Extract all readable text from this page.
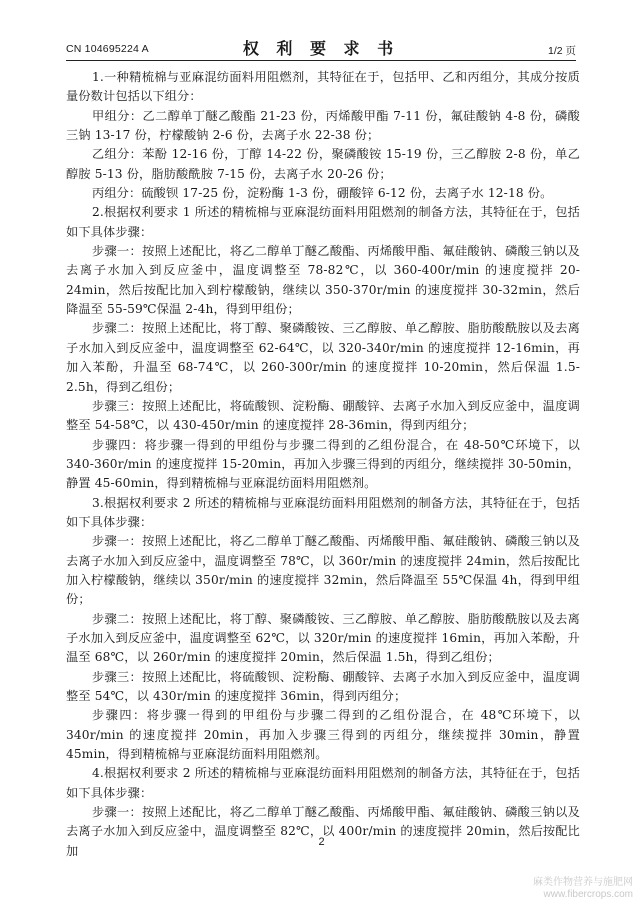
CN 104695224 A	权 利 要 求 书	1/2 页

1.一种精梳棉与亚麻混纺面料用阻燃剂，其特征在于，包括甲、乙和丙组分，其成分按质量份数计包括以下组分：

甲组分：乙二醇单丁醚乙酸酯 21-23 份，丙烯酸甲酯 7-11 份，氟硅酸钠 4-8 份，磷酸三钠 13-17 份，柠檬酸钠 2-6 份，去离子水 22-38 份；

乙组分：苯酚 12-16 份，丁醇 14-22 份，聚磷酸铵 15-19 份，三乙醇胺 2-8 份，单乙醇胺 5-13 份，脂肪酸酰胺 7-15 份，去离子水 20-26 份；

丙组分：硫酸钡 17-25 份，淀粉酶 1-3 份，硼酸锌 6-12 份，去离子水 12-18 份。

2.根据权利要求 1 所述的精梳棉与亚麻混纺面料用阻燃剂的制备方法，其特征在于，包括如下具体步骤：

步骤一：按照上述配比，将乙二醇单丁醚乙酸酯、丙烯酸甲酯、氟硅酸钠、磷酸三钠以及去离子水加入到反应釜中，温度调整至 78-82℃，以 360-400r/min 的速度搅拌 20-24min，然后按配比加入到柠檬酸钠，继续以 350-370r/min 的速度搅拌 30-32min，然后降温至 55-59℃保温 2-4h，得到甲组份；

步骤二：按照上述配比，将丁醇、聚磷酸铵、三乙醇胺、单乙醇胺、脂肪酸酰胺以及去离子水加入到反应釜中，温度调整至 62-64℃，以 320-340r/min 的速度搅拌 12-16min，再加入苯酚，升温至 68-74℃，以 260-300r/min 的速度搅拌 10-20min，然后保温 1.5-2.5h，得到乙组份；

步骤三：按照上述配比，将硫酸钡、淀粉酶、硼酸锌、去离子水加入到反应釜中，温度调整至 54-58℃，以 430-450r/min 的速度搅拌 28-36min，得到丙组分；

步骤四：将步骤一得到的甲组份与步骤二得到的乙组份混合，在 48-50℃环境下，以 340-360r/min 的速度搅拌 15-20min，再加入步骤三得到的丙组分，继续搅拌 30-50min，静置 45-60min，得到精梳棉与亚麻混纺面料用阻燃剂。

3.根据权利要求 2 所述的精梳棉与亚麻混纺面料用阻燃剂的制备方法，其特征在于，包括如下具体步骤：

步骤一：按照上述配比，将乙二醇单丁醚乙酸酯、丙烯酸甲酯、氟硅酸钠、磷酸三钠以及去离子水加入到反应釜中，温度调整至 78℃，以 360r/min 的速度搅拌 24min，然后按配比加入柠檬酸钠，继续以 350r/min 的速度搅拌 32min，然后降温至 55℃保温 4h，得到甲组份；

步骤二：按照上述配比，将丁醇、聚磷酸铵、三乙醇胺、单乙醇胺、脂肪酸酰胺以及去离子水加入到反应釜中，温度调整至 62℃，以 320r/min 的速度搅拌 16min，再加入苯酚，升温至 68℃，以 260r/min 的速度搅拌 20min，然后保温 1.5h，得到乙组份；

步骤三：按照上述配比，将硫酸钡、淀粉酶、硼酸锌、去离子水加入到反应釜中，温度调整至 54℃，以 430r/min 的速度搅拌 36min，得到丙组分；

步骤四：将步骤一得到的甲组份与步骤二得到的乙组份混合，在 48℃环境下，以 340r/min 的速度搅拌 20min，再加入步骤三得到的丙组分，继续搅拌 30min，静置 45min，得到精梳棉与亚麻混纺面料用阻燃剂。

4.根据权利要求 2 所述的精梳棉与亚麻混纺面料用阻燃剂的制备方法，其特征在于，包括如下具体步骤：

步骤一：按照上述配比，将乙二醇单丁醚乙酸酯、丙烯酸甲酯、氟硅酸钠、磷酸三钠以及去离子水加入到反应釜中，温度调整至 82℃，以 400r/min 的速度搅拌 20min，然后按配比加

2
麻类作物营养与施肥网
www.fibercrops.com
